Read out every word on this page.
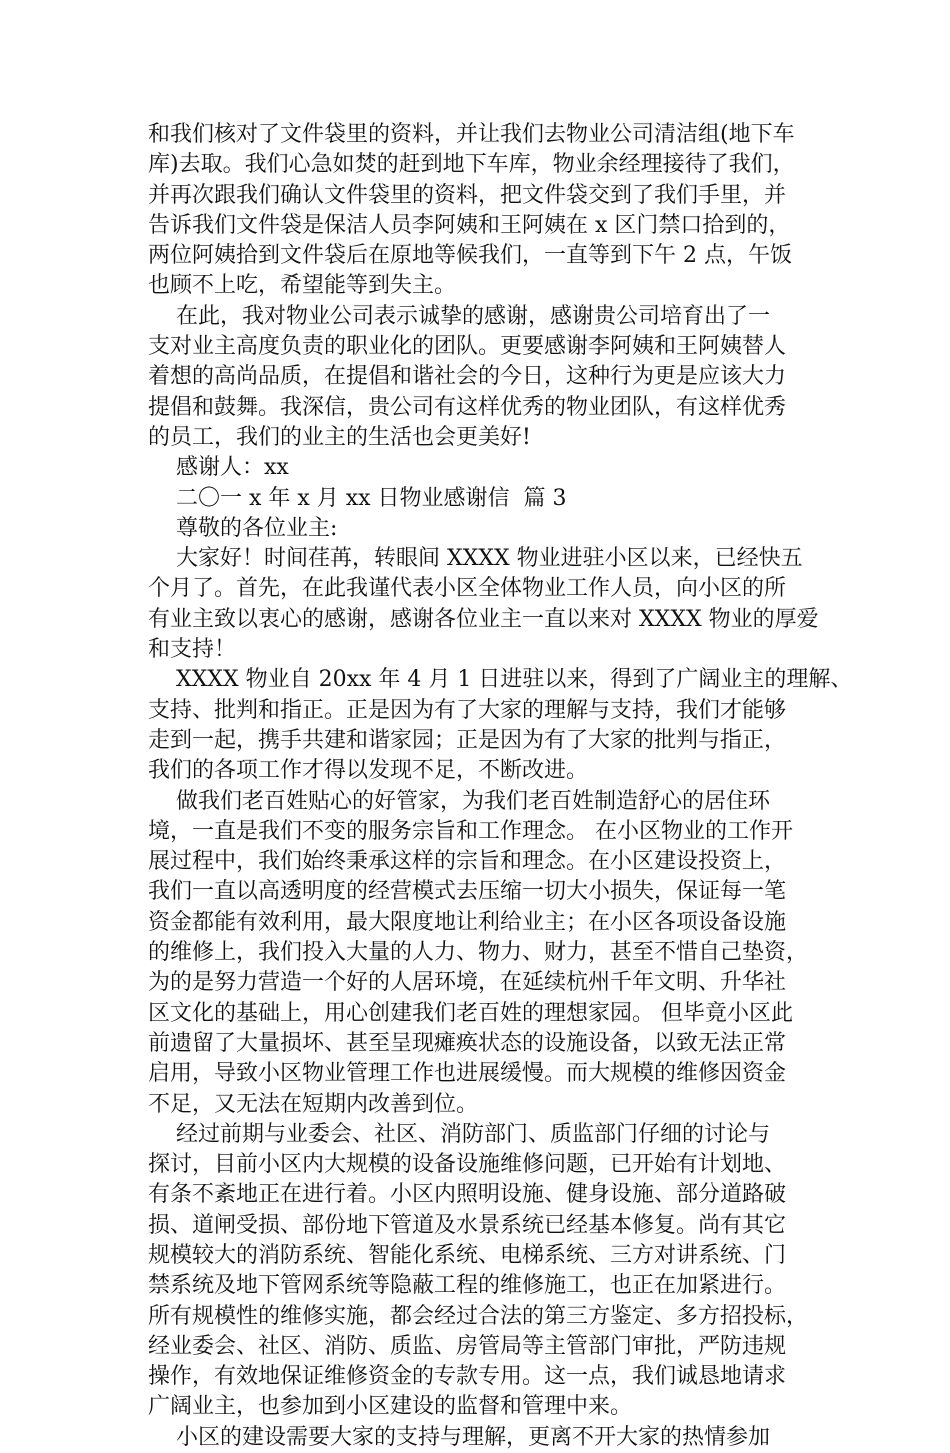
和我们核对了文件袋里的资料，并让我们去物业公司清洁组(地下车
库)去取。我们心急如焚的赶到地下车库，物业余经理接待了我们，
并再次跟我们确认文件袋里的资料，把文件袋交到了我们手里，并
告诉我们文件袋是保洁人员李阿姨和王阿姨在 x 区门禁口拾到的，
两位阿姨拾到文件袋后在原地等候我们，一直等到下午 2 点，午饭
也顾不上吃，希望能等到失主。
在此，我对物业公司表示诚挚的感谢，感谢贵公司培育出了一
支对业主高度负责的职业化的团队。更要感谢李阿姨和王阿姨替人
着想的高尚品质，在提倡和谐社会的今日，这种行为更是应该大力
提倡和鼓舞。我深信，贵公司有这样优秀的物业团队，有这样优秀
的员工，我们的业主的生活也会更美好!
感谢人：xx
二〇一 x 年 x 月 xx 日物业感谢信  篇 3
尊敬的各位业主:
大家好！时间荏苒，转眼间 XXXX 物业进驻小区以来，已经快五
个月了。首先，在此我谨代表小区全体物业工作人员，向小区的所
有业主致以衷心的感谢，感谢各位业主一直以来对 XXXX 物业的厚爱
和支持！
XXXX 物业自 20xx 年 4 月 1 日进驻以来，得到了广阔业主的理解、
支持、批判和指正。正是因为有了大家的理解与支持，我们才能够
走到一起，携手共建和谐家园；正是因为有了大家的批判与指正，
我们的各项工作才得以发现不足，不断改进。
做我们老百姓贴心的好管家，为我们老百姓制造舒心的居住环
境，一直是我们不变的服务宗旨和工作理念。 在小区物业的工作开
展过程中，我们始终秉承这样的宗旨和理念。在小区建设投资上，
我们一直以高透明度的经营模式去压缩一切大小损失，保证每一笔
资金都能有效利用，最大限度地让利给业主；在小区各项设备设施
的维修上，我们投入大量的人力、物力、财力，甚至不惜自己垫资，
为的是努力营造一个好的人居环境，在延续杭州千年文明、升华社
区文化的基础上，用心创建我们老百姓的理想家园。 但毕竟小区此
前遗留了大量损坏、甚至呈现瘫痪状态的设施设备，以致无法正常
启用，导致小区物业管理工作也进展缓慢。而大规模的维修因资金
不足，又无法在短期内改善到位。
经过前期与业委会、社区、消防部门、质监部门仔细的讨论与
探讨，目前小区内大规模的设备设施维修问题，已开始有计划地、
有条不紊地正在进行着。小区内照明设施、健身设施、部分道路破
损、道闸受损、部份地下管道及水景系统已经基本修复。尚有其它
规模较大的消防系统、智能化系统、电梯系统、三方对讲系统、门
禁系统及地下管网系统等隐蔽工程的维修施工，也正在加紧进行。
所有规模性的维修实施，都会经过合法的第三方鉴定、多方招投标，
经业委会、社区、消防、质监、房管局等主管部门审批，严防违规
操作，有效地保证维修资金的专款专用。这一点，我们诚恳地请求
广阔业主，也参加到小区建设的监督和管理中来。
小区的建设需要大家的支持与理解，更离不开大家的热情参加
